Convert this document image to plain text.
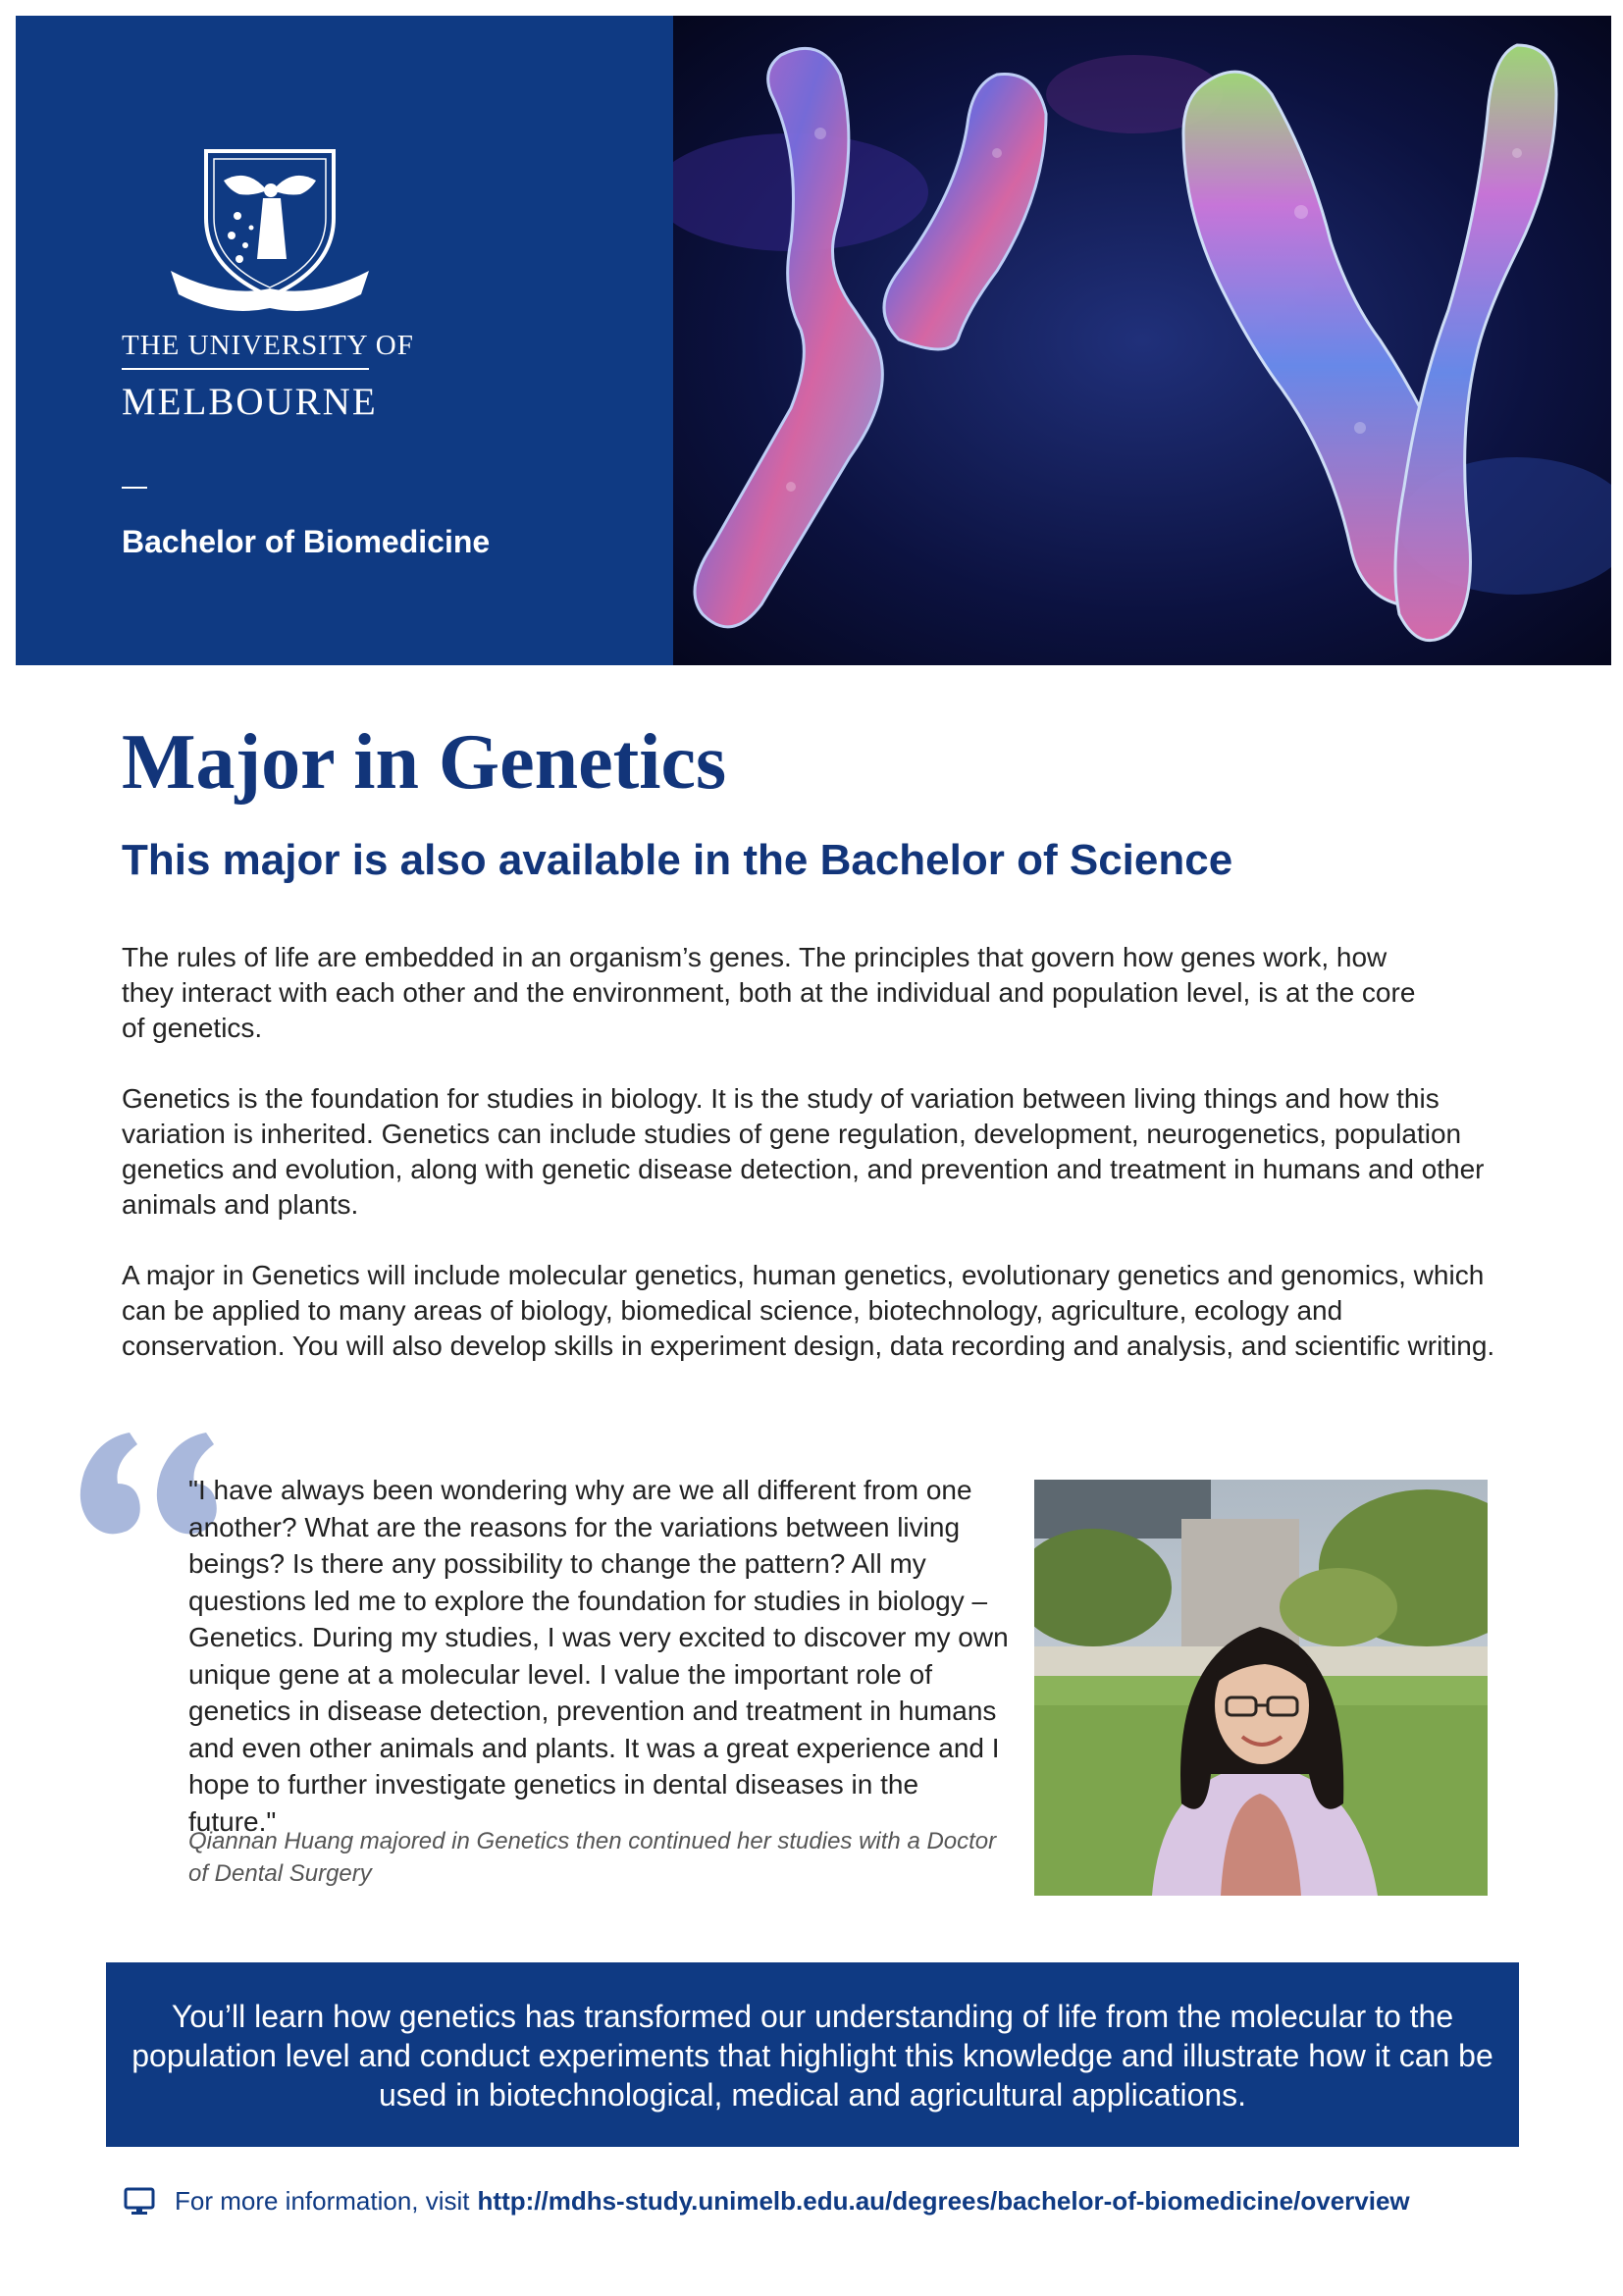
THE UNIVERSITY OF
MELBOURNE
Bachelor of Biomedicine
Major in Genetics
This major is also available in the Bachelor of Science

The rules of life are embedded in an organism’s genes. The principles that govern how genes work, how they interact with each other and the environment, both at the individual and population level, is at the core of genetics.

Genetics is the foundation for studies in biology. It is the study of variation between living things and how this variation is inherited. Genetics can include studies of gene regulation, development, neurogenetics, population genetics and evolution, along with genetic disease detection, and prevention and treatment in humans and other animals and plants.

A major in Genetics will include molecular genetics, human genetics, evolutionary genetics and genomics, which can be applied to many areas of biology, biomedical science, biotechnology, agriculture, ecology and conservation. You will also develop skills in experiment design, data recording and analysis, and scientific writing.

"I have always been wondering why are we all different from one another? What are the reasons for the variations between living beings? Is there any possibility to change the pattern? All my questions led me to explore the foundation for studies in biology – Genetics. During my studies, I was very excited to discover my own unique gene at a molecular level. I value the important role of genetics in disease detection, prevention and treatment in humans and even other animals and plants. It was a great experience and I hope to further investigate genetics in dental diseases in the future."

Qiannan Huang majored in Genetics then continued her studies with a Doctor of Dental Surgery

You’ll learn how genetics has transformed our understanding of life from the molecular to the population level and conduct experiments that highlight this knowledge and illustrate how it can be used in biotechnological, medical and agricultural applications.

For more information, visit http://mdhs-study.unimelb.edu.au/degrees/bachelor-of-biomedicine/overview
